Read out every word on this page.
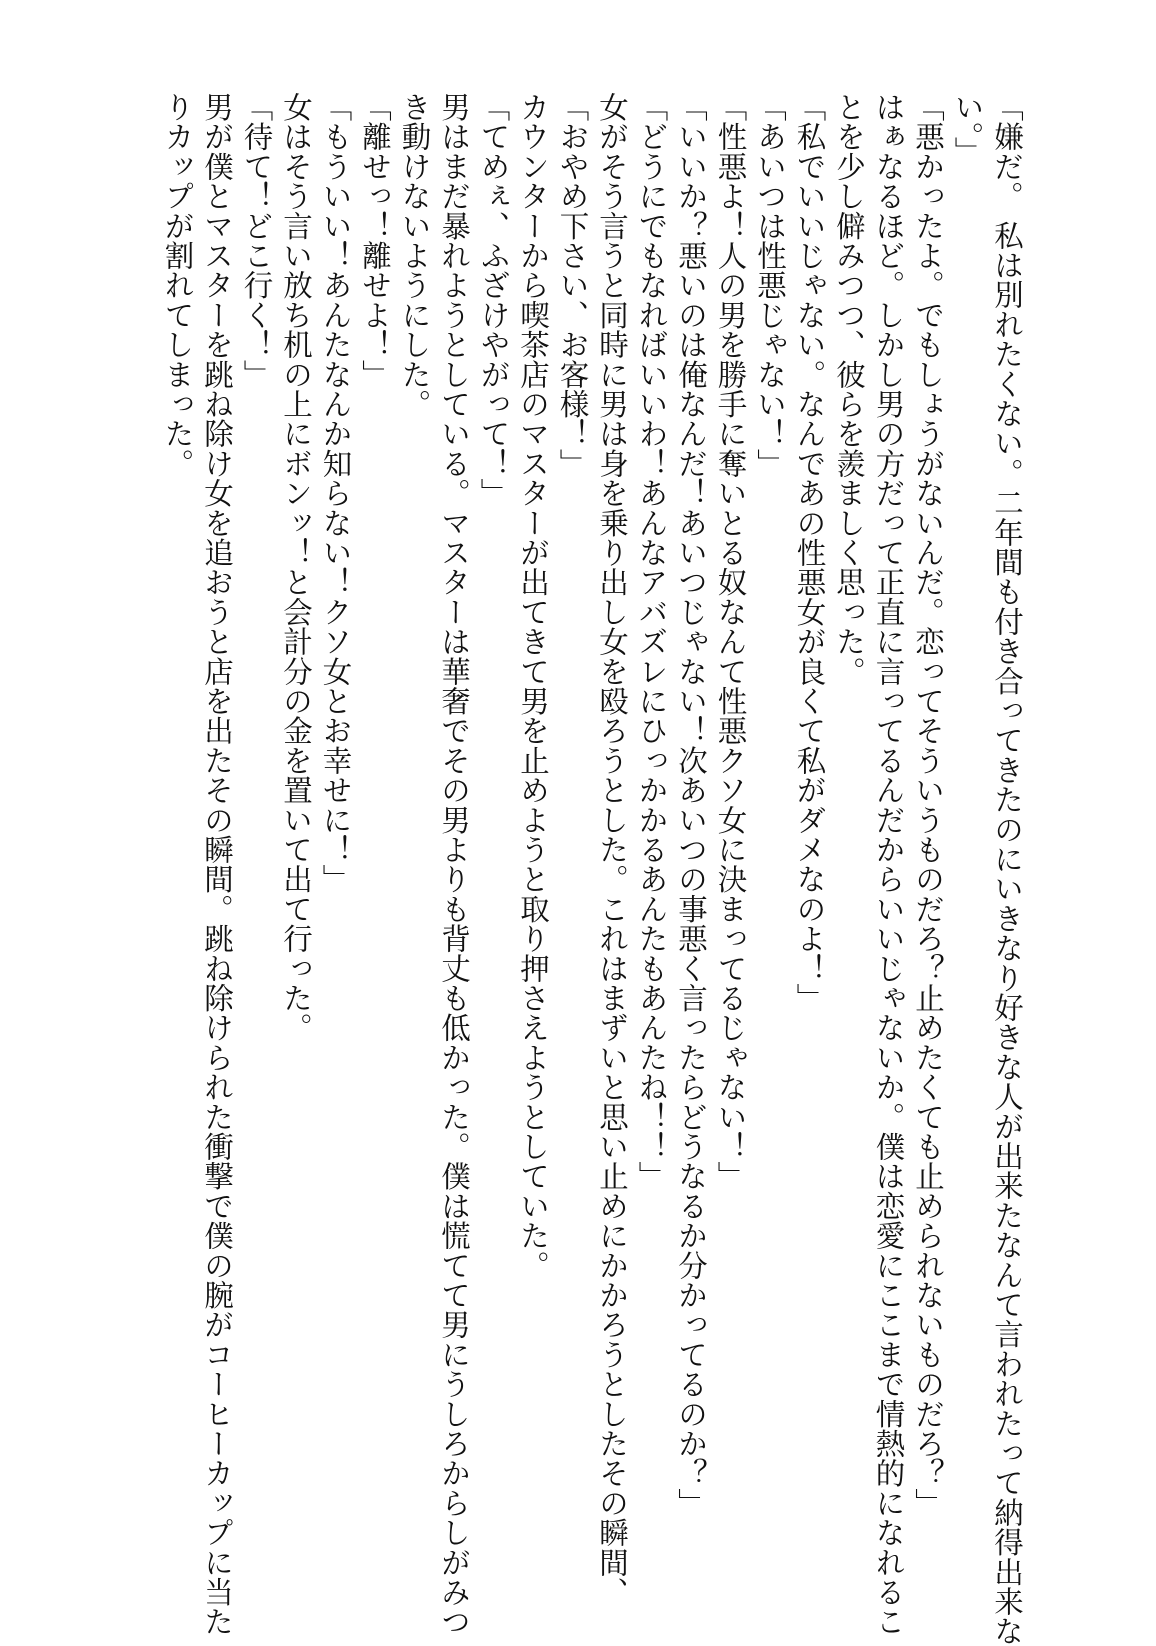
「嫌だ。 私は別れたくない。二年間も付き合ってきたのにいきなり好きな人が出来たなんて言われたって納得出来な
い。」
「悪かったよ。でもしょうがないんだ。恋ってそういうものだろ？止めたくても止められないものだろ？」
はぁなるほど。しかし男の方だって正直に言ってるんだからいいじゃないか。僕は恋愛にここまで情熱的になれるこ
とを少し僻みつつ、彼らを羨ましく思った。
「私でいいじゃない。なんであの性悪女が良くて私がダメなのよ！」
「あいつは性悪じゃない！」
「性悪よ！人の男を勝手に奪いとる奴なんて性悪クソ女に決まってるじゃない！」
「いいか？悪いのは俺なんだ！あいつじゃない！次あいつの事悪く言ったらどうなるか分かってるのか？」
「どうにでもなればいいわ！あんなアバズレにひっかかるあんたもあんたね！！」
女がそう言うと同時に男は身を乗り出し女を殴ろうとした。これはまずいと思い止めにかかろうとしたその瞬間、
「おやめ下さい、お客様！」
カウンターから喫茶店のマスターが出てきて男を止めようと取り押さえようとしていた。
「てめぇ、ふざけやがって！」
男はまだ暴れようとしている。マスターは華奢でその男よりも背丈も低かった。僕は慌てて男にうしろからしがみつ
き動けないようにした。
「離せっ！離せよ！」
「もういい！あんたなんか知らない！クソ女とお幸せに！」
女はそう言い放ち机の上にボンッ！と会計分の金を置いて出て行った。
「待て！どこ行く！」
男が僕とマスターを跳ね除け女を追おうと店を出たその瞬間。跳ね除けられた衝撃で僕の腕がコーヒーカップに当た
りカップが割れてしまった。
